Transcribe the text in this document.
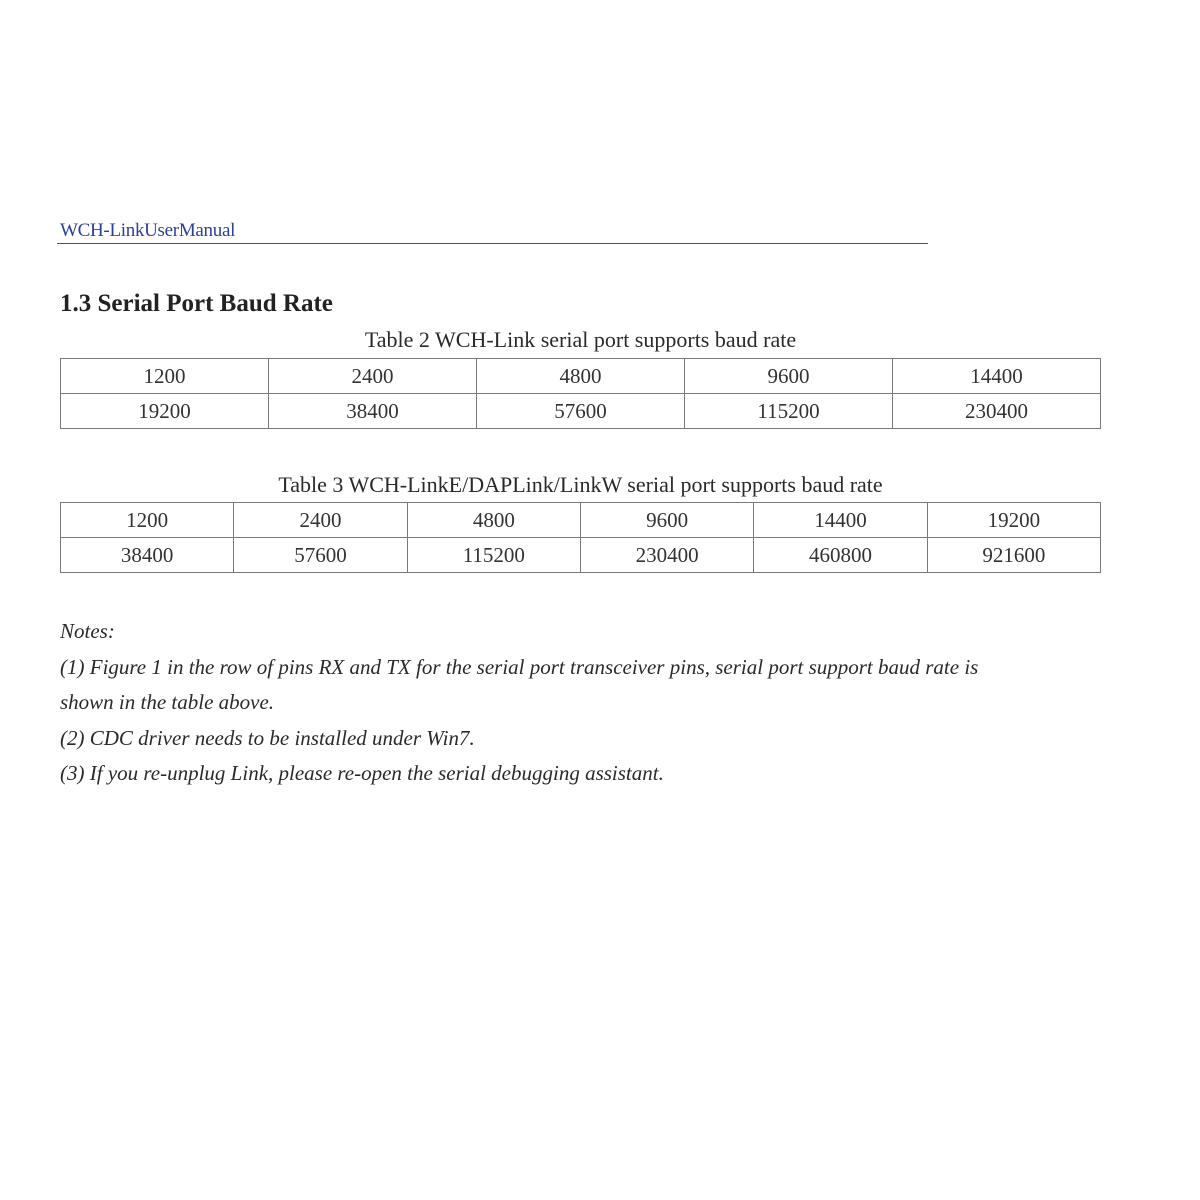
WCH-LinkUserManual
1.3 Serial Port Baud Rate
Table 2 WCH-Link serial port supports baud rate
1200	2400	4800	9600	14400
19200	38400	57600	115200	230400
Table 3 WCH-LinkE/DAPLink/LinkW serial port supports baud rate
1200	2400	4800	9600	14400	19200
38400	57600	115200	230400	460800	921600
Notes:
(1) Figure 1 in the row of pins RX and TX for the serial port transceiver pins, serial port support baud rate is
shown in the table above.
(2) CDC driver needs to be installed under Win7.
(3) If you re-unplug Link, please re-open the serial debugging assistant.
